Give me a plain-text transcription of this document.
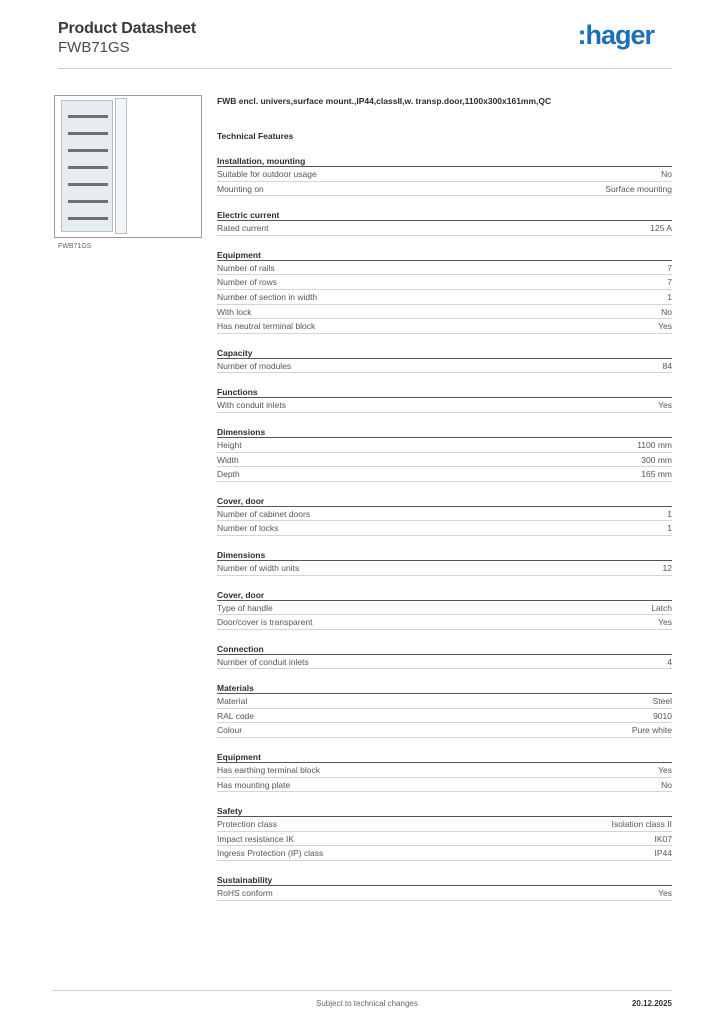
Product Datasheet
FWB71GS	:hager
FWB71GS
FWB encl. univers,surface mount.,IP44,classII,w. transp.door,1100x300x161mm,QC
Technical Features
Installation, mounting
Suitable for outdoor usage	No
Mounting on	Surface mounting
Electric current
Rated current	125 A
Equipment
Number of rails	7
Number of rows	7
Number of section in width	1
With lock	No
Has neutral terminal block	Yes
Capacity
Number of modules	84
Functions
With conduit inlets	Yes
Dimensions
Height	1100 mm
Width	300 mm
Depth	165 mm
Cover, door
Number of cabinet doors	1
Number of locks	1
Dimensions
Number of width units	12
Cover, door
Type of handle	Latch
Door/cover is transparent	Yes
Connection
Number of conduit inlets	4
Materials
Material	Steel
RAL code	9010
Colour	Pure white
Equipment
Has earthing terminal block	Yes
Has mounting plate	No
Safety
Protection class	Isolation class II
Impact resistance IK	IK07
Ingress Protection (IP) class	IP44
Sustainability
RoHS conform	Yes
Subject to technical changes	20.12.2025
